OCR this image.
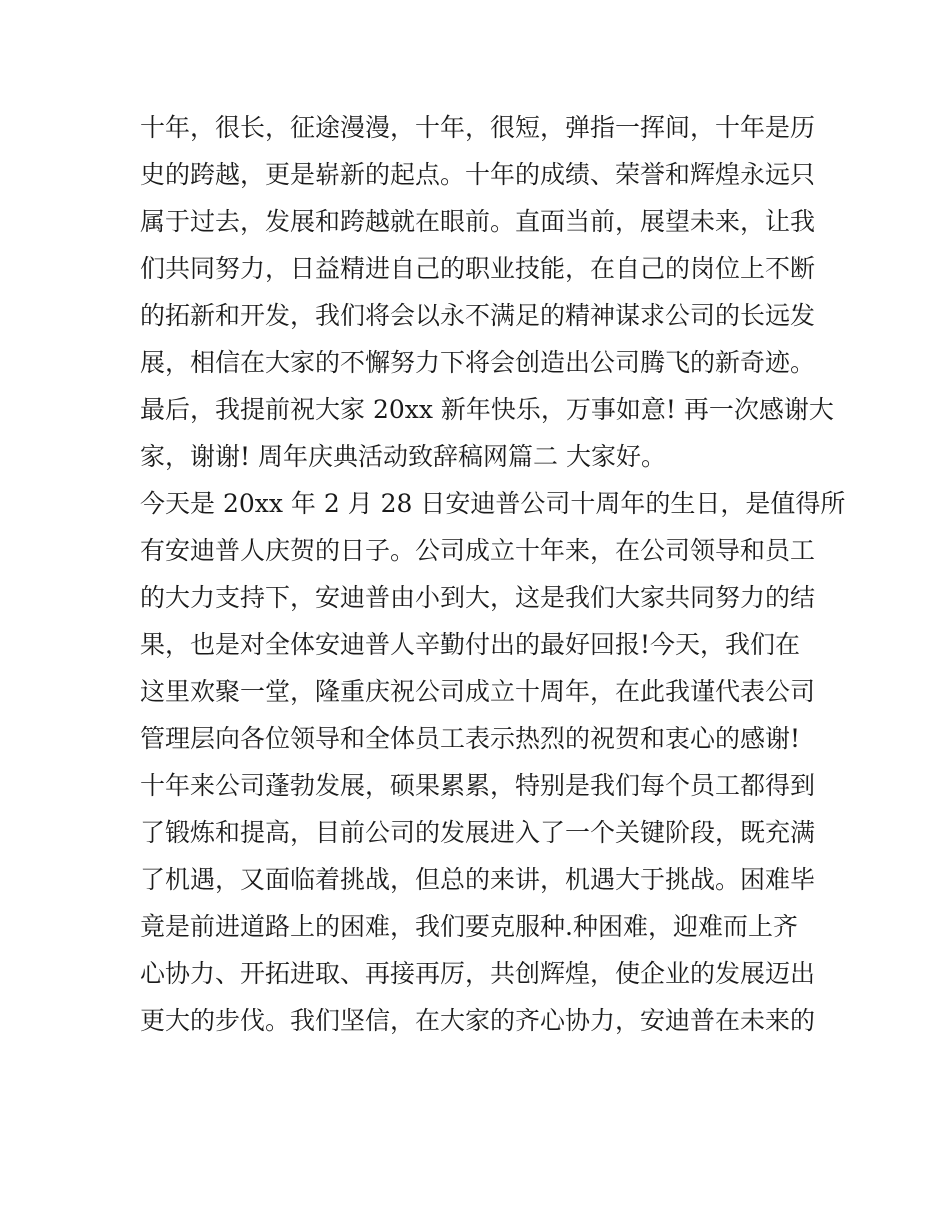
十年，很长，征途漫漫，十年，很短，弹指一挥间，十年是历
史的跨越，更是崭新的起点。十年的成绩、荣誉和辉煌永远只
属于过去，发展和跨越就在眼前。直面当前，展望未来，让我
们共同努力，日益精进自己的职业技能，在自己的岗位上不断
的拓新和开发，我们将会以永不满足的精神谋求公司的长远发
展，相信在大家的不懈努力下将会创造出公司腾飞的新奇迹。
最后，我提前祝大家 20xx 新年快乐，万事如意! 再一次感谢大
家，谢谢! 周年庆典活动致辞稿网篇二 大家好。
今天是 20xx 年 2 月 28 日安迪普公司十周年的生日，是值得所
有安迪普人庆贺的日子。公司成立十年来，在公司领导和员工
的大力支持下，安迪普由小到大，这是我们大家共同努力的结
果，也是对全体安迪普人辛勤付出的最好回报!今天，我们在
这里欢聚一堂，隆重庆祝公司成立十周年，在此我谨代表公司
管理层向各位领导和全体员工表示热烈的祝贺和衷心的感谢!
十年来公司蓬勃发展，硕果累累，特别是我们每个员工都得到
了锻炼和提高，目前公司的发展进入了一个关键阶段，既充满
了机遇，又面临着挑战，但总的来讲，机遇大于挑战。困难毕
竟是前进道路上的困难，我们要克服种.种困难，迎难而上齐
心协力、开拓进取、再接再厉，共创辉煌，使企业的发展迈出
更大的步伐。我们坚信，在大家的齐心协力，安迪普在未来的
